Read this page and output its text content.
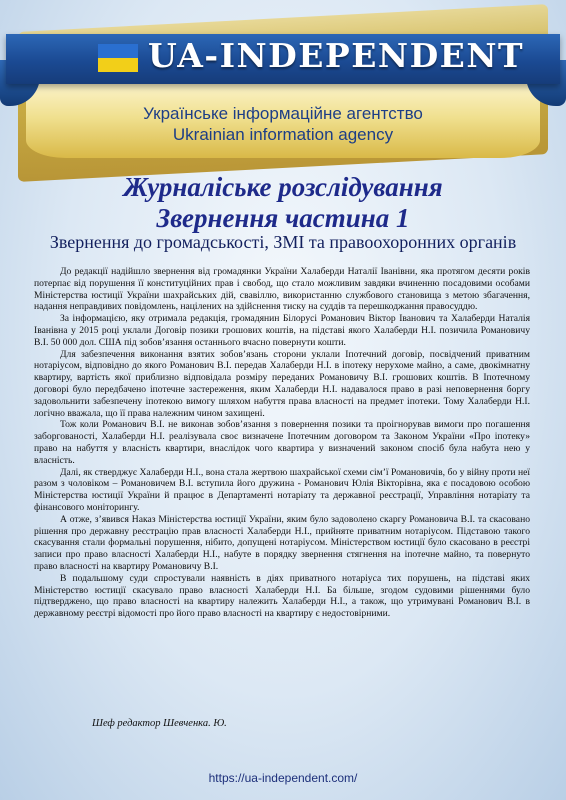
UA-INDEPENDENT
Українське інформаційне агентство
Ukrainian information agency
Журналіське розслідування
Звернення частина 1
Звернення до громадськості, ЗМІ та правоохоронних органів

До редакції надійшло звернення від громадянки України Халаберди Наталії Іванівни, яка протягом десяти років потерпає від порушення її конституційних прав і свобод, що стало можливим завдяки вчиненню посадовими особами Міністерства юстиції України шахрайських дій, свавіллю, використанню службового становища з метою збагачення, надання неправдивих повідомлень, націлених на здійснення тиску на суддів та перешкоджання правосуддю.

За інформацією, яку отримала редакція, громадянин Білорусі Романович Віктор Іванович та Халаберди Наталія Іванівна у 2015 році уклали Договір позики грошових коштів, на підставі якого Халаберди Н.І. позичила Романовичу В.І. 50 000 дол. США під зобов’язання останнього вчасно повернути кошти.

Для забезпечення виконання взятих зобов’язань сторони уклали Іпотечний договір, посвідчений приватним нотаріусом, відповідно до якого Романович В.І. передав Халаберди Н.І. в іпотеку нерухоме майно, а саме, двокімнатну квартиру, вартість якої приблизно відповідала розміру переданих Романовичу В.І. грошових коштів. В Іпотечному договорі було передбачено іпотечне застереження, яким Халаберди Н.І. надавалося право в разі неповернення боргу задовольнити забезпечену іпотекою вимогу шляхом набуття права власності на предмет іпотеки. Тому Халаберди Н.І. логічно вважала, що її права належним чином захищені.

Тож коли Романович В.І. не виконав зобов’язання з повернення позики та проігнорував вимоги про погашення заборгованості, Халаберди Н.І. реалізувала своє визначене Іпотечним договором та Законом України «Про іпотеку» право на набуття у власність квартири, внаслідок чого квартира у визначений законом спосіб була набута нею у власність.

Далі, як стверджує Халаберди Н.І., вона стала жертвою шахрайської схеми сім’ї Романовичів, бо у війну проти неї разом з чоловіком – Романовичем В.І. вступила його дружина - Романович Юлія Вікторівна, яка є посадовою особою Міністерства юстиції України й працює в Департаменті нотаріату та державної реєстрації, Управління нотаріату та фінансового моніторингу.

А отже, з’явився Наказ Міністерства юстиції України, яким було задоволено скаргу Романовича В.І. та скасовано рішення про державну реєстрацію прав власності Халаберди Н.І., прийняте приватним нотаріусом. Підставою такого скасування стали формальні порушення, нібито, допущені нотаріусом. Міністерством юстиції було скасовано в реєстрі записи про право власності Халаберди Н.І., набуте в порядку звернення стягнення на іпотечне майно, та повернуто право власності на квартиру Романовичу В.І.

В подальшому суди спростували наявність в діях приватного нотаріуса тих порушень, на підставі яких Міністерство юстиції скасувало право власності Халаберди Н.І. Ба більше, згодом судовими рішеннями було підтверджено, що право власності на квартиру належить Халаберди Н.І., а також, що утримувані Романович В.І. в державному реєстрі відомості про його право власності на квартиру є недостовірними.

Шеф редактор Шевченка. Ю.
https://ua-independent.com/
